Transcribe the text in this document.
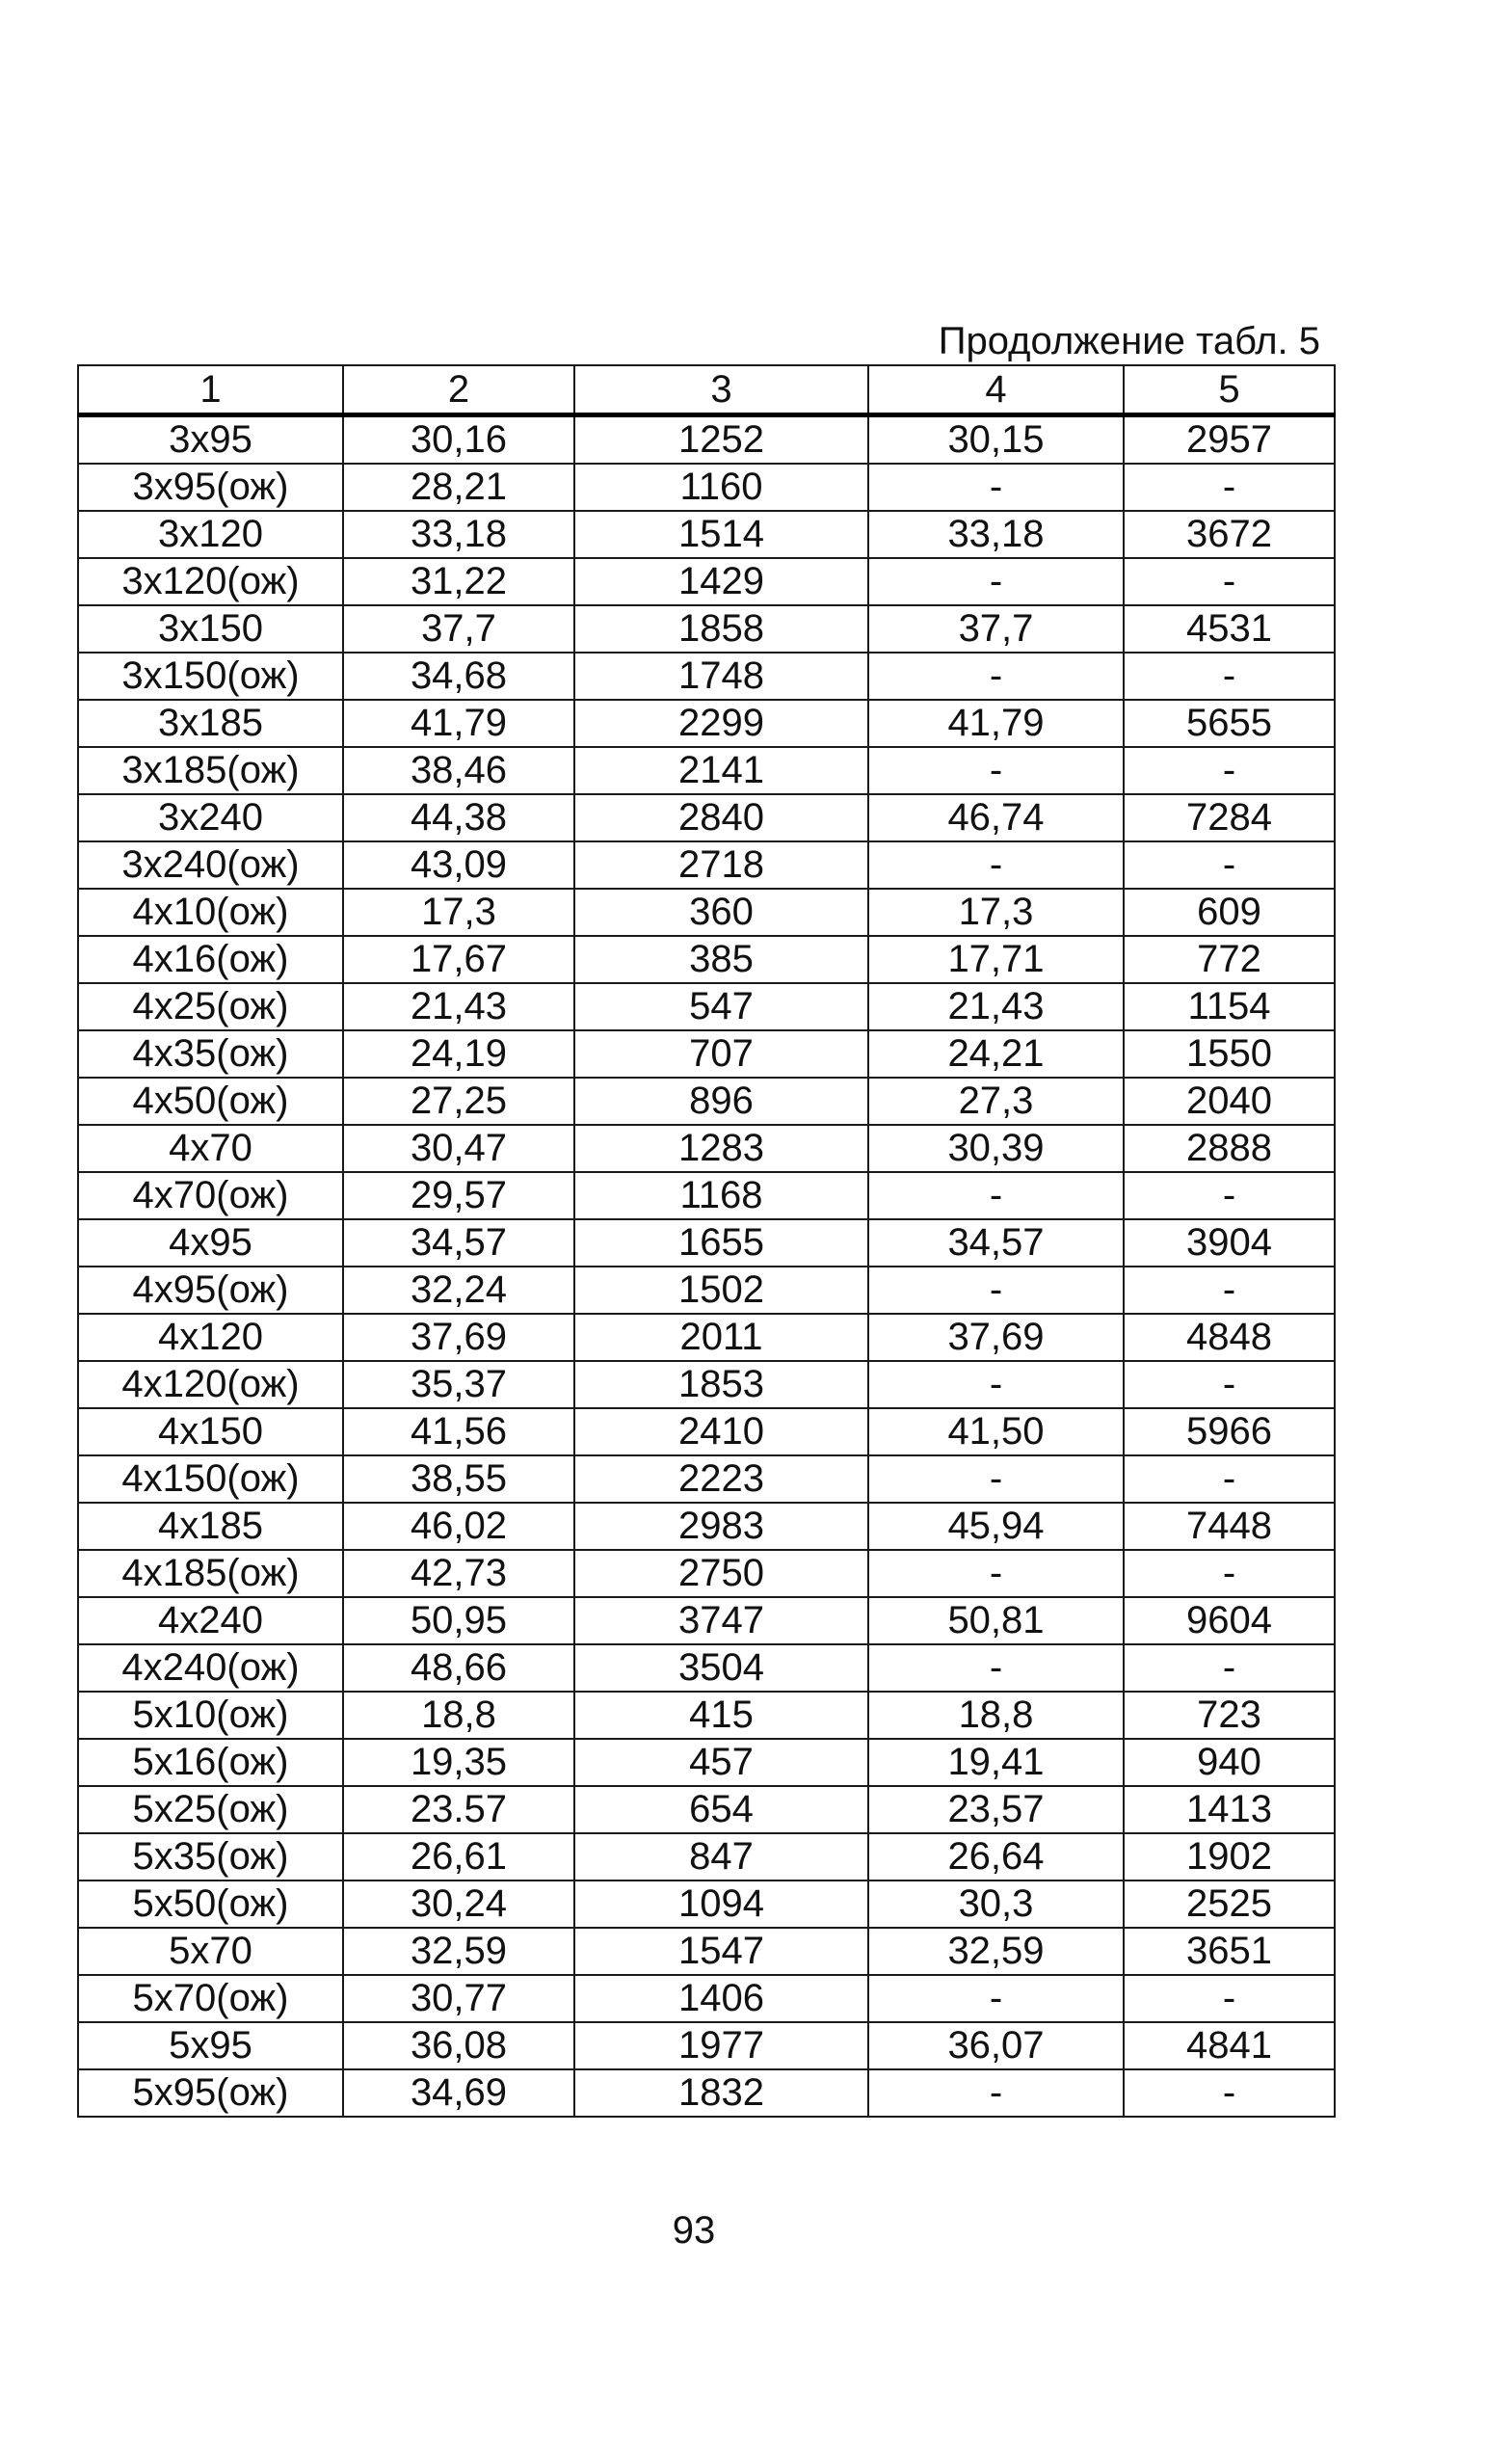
Продолжение табл. 5
1	2	3	4	5
3x95	30,16	1252	30,15	2957
3x95(ож)	28,21	1160	-	-
3x120	33,18	1514	33,18	3672
3x120(ож)	31,22	1429	-	-
3x150	37,7	1858	37,7	4531
3x150(ож)	34,68	1748	-	-
3x185	41,79	2299	41,79	5655
3x185(ож)	38,46	2141	-	-
3x240	44,38	2840	46,74	7284
3x240(ож)	43,09	2718	-	-
4x10(ож)	17,3	360	17,3	609
4x16(ож)	17,67	385	17,71	772
4x25(ож)	21,43	547	21,43	1154
4x35(ож)	24,19	707	24,21	1550
4x50(ож)	27,25	896	27,3	2040
4x70	30,47	1283	30,39	2888
4x70(ож)	29,57	1168	-	-
4x95	34,57	1655	34,57	3904
4x95(ож)	32,24	1502	-	-
4x120	37,69	2011	37,69	4848
4x120(ож)	35,37	1853	-	-
4x150	41,56	2410	41,50	5966
4x150(ож)	38,55	2223	-	-
4x185	46,02	2983	45,94	7448
4x185(ож)	42,73	2750	-	-
4x240	50,95	3747	50,81	9604
4x240(ож)	48,66	3504	-	-
5x10(ож)	18,8	415	18,8	723
5x16(ож)	19,35	457	19,41	940
5x25(ож)	23.57	654	23,57	1413
5x35(ож)	26,61	847	26,64	1902
5x50(ож)	30,24	1094	30,3	2525
5x70	32,59	1547	32,59	3651
5x70(ож)	30,77	1406	-	-
5x95	36,08	1977	36,07	4841
5x95(ож)	34,69	1832	-	-
93
